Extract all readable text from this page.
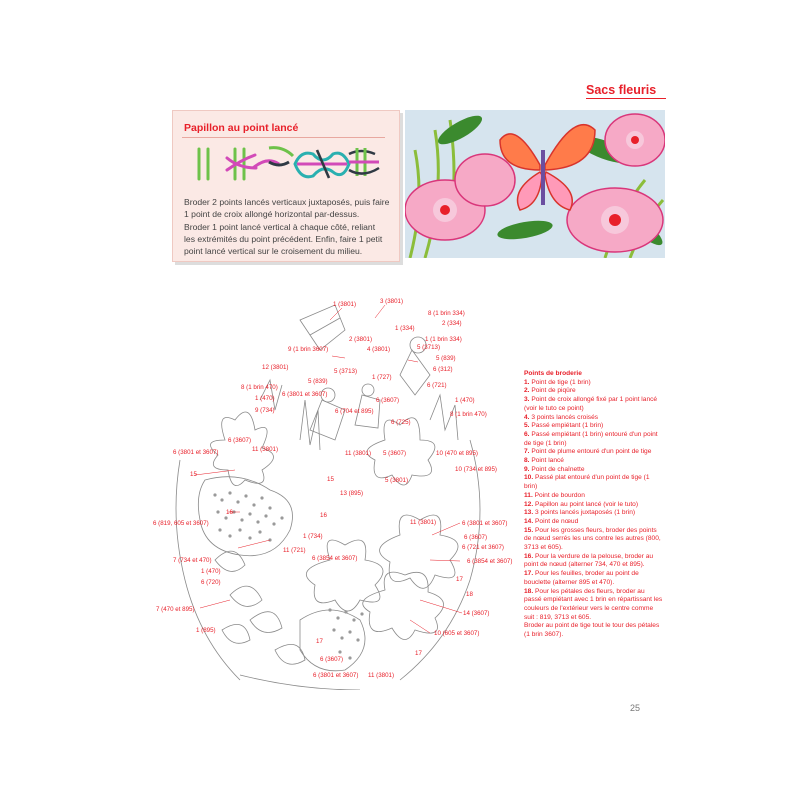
Sacs fleuris
Papillon au point lancé
Broder 2 points lancés verticaux juxtaposés, puis faire
1 point de croix allongé horizontal par-dessus.
Broder 1 point lancé vertical à chaque côté, reliant
les extrémités du point précédent. Enfin, faire 1 petit
point lancé vertical sur le croisement du milieu.
1 (3801)	3 (3801)
8 (1 brin 334)
2 (334)
1 (334)
1 (1 brin 334)
2 (3801)
9 (1 brin 3607)	4 (3801)	5 (3713)
5 (839)
6 (312)
12 (3801)
5 (3713)
1 (727)
6 (721)
5 (839)
8 (1 brin 470)
6 (3801 et 3607)
1 (470)
6 (704 et 895)
6 (3607)	1 (470)
8 (1 brin 470)
9 (734)
6 (725)
6 (3607)
6 (3801 et 3607)	11 (3801)
11 (3801) 5 (3607)	10 (470 et 895)
10 (734 et 895)
15
5 (3801)
15
13 (895)
16	16
6 (819, 605 et 3607)	11 (3801)	6 (3801 et 3607)
1 (734)	6 (3607)
11 (721)	6 (721 et 3607)
7 (734 et 470)	6 (3854 et 3607)	6 (3854 et 3607)
1 (470)
17
6 (720)
18
7 (470 et 895)
14 (3607)
1 (895)
17
10 (605 et 3607)
17
6 (3607)
6 (3801 et 3607) 11 (3801)
Points de broderie
1. Point de tige (1 brin)
2. Point de piqûre
3. Point de croix allongé fixé par 1 point lancé (voir le tuto ce point)
4. 3 points lancés croisés
5. Passé empiétant (1 brin)
6. Passé empiétant (1 brin) entouré d'un point de tige (1 brin)
7. Point de plume entouré d'un point de tige
8. Point lancé
9. Point de chaînette
10. Passé plat entouré d'un point de tige (1 brin)
11. Point de bourdon
12. Papillon au point lancé (voir le tuto)
13. 3 points lancés juxtaposés (1 brin)
14. Point de nœud
15. Pour les grosses fleurs, broder des points de nœud serrés les uns contre les autres (800, 3713 et 605).
16. Pour la verdure de la pelouse, broder au point de nœud (alterner 734, 470 et 895).
17. Pour les feuilles, broder au point de bouclette (alterner 895 et 470).
18. Pour les pétales des fleurs, broder au passé empiétant avec 1 brin en répartissant les couleurs de l'extérieur vers le centre comme suit : 819, 3713 et 605.
Broder au point de tige tout le tour des pétales (1 brin 3607).
25
